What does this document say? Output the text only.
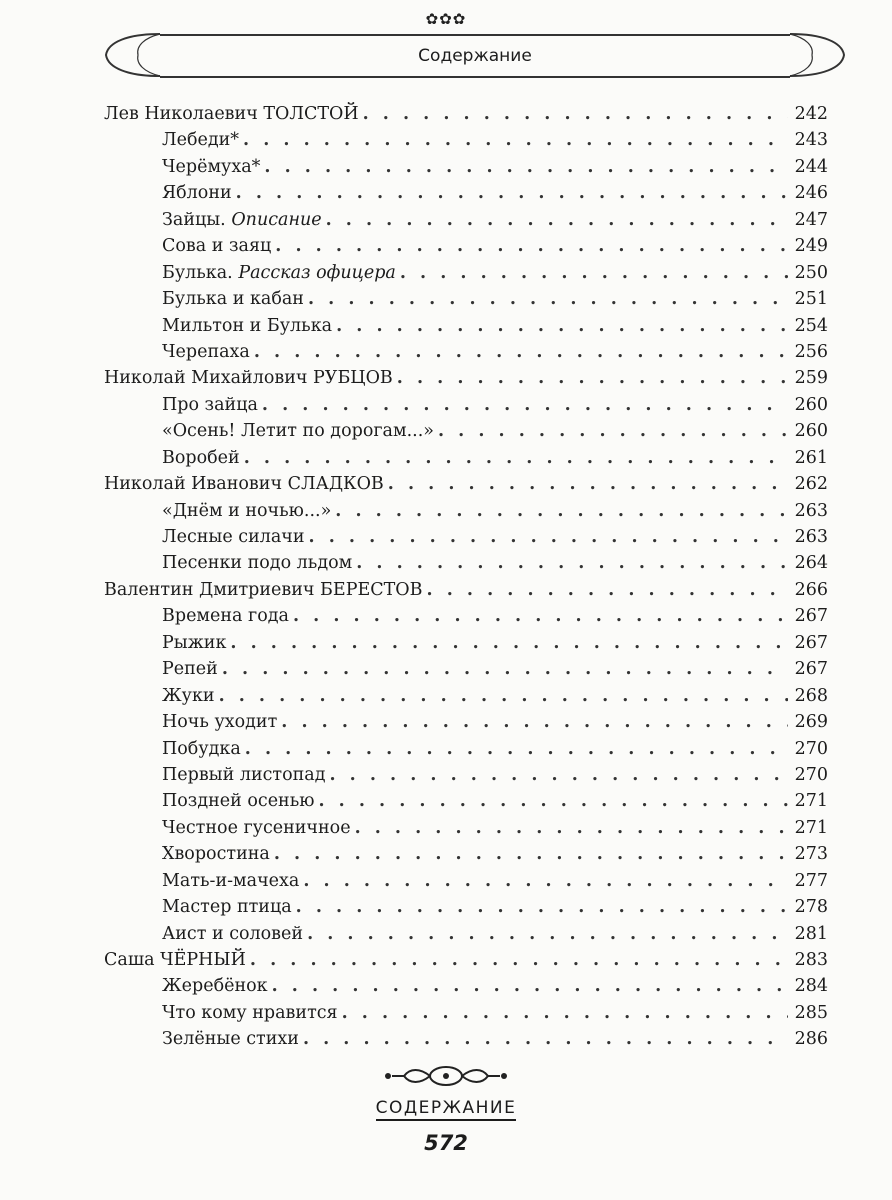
✿✿✿
Содержание
Лев Николаевич ТОЛСТОЙ . . .	242
Лебеди* . . .	243
Черёмуха* . . .	244
Яблони . . .	246
Зайцы. Описание . . .	247
Сова и заяц . . .	249
Булька. Рассказ офицера . . .	250
Булька и кабан . . .	251
Мильтон и Булька . . .	254
Черепаха . . .	256
Николай Михайлович РУБЦОВ . . .	259
Про зайца . . .	260
«Осень! Летит по дорогам...» . . .	260
Воробей . . .	261
Николай Иванович СЛАДКОВ . . .	262
«Днём и ночью...» . . .	263
Лесные силачи . . .	263
Песенки подо льдом . . .	264
Валентин Дмитриевич БЕРЕСТОВ . . .	266
Времена года . . .	267
Рыжик . . .	267
Репей . . .	267
Жуки . . .	268
Ночь уходит . . .	269
Побудка . . .	270
Первый листопад . . .	270
Поздней осенью . . .	271
Честное гусеничное . . .	271
Хворостина . . .	273
Мать-и-мачеха . . .	277
Мастер птица . . .	278
Аист и соловей . . .	281
Саша ЧЁРНЫЙ . . .	283
Жеребёнок . . .	284
Что кому нравится . . .	285
Зелёные стихи . . .	286
СОДЕРЖАНИЕ
572
